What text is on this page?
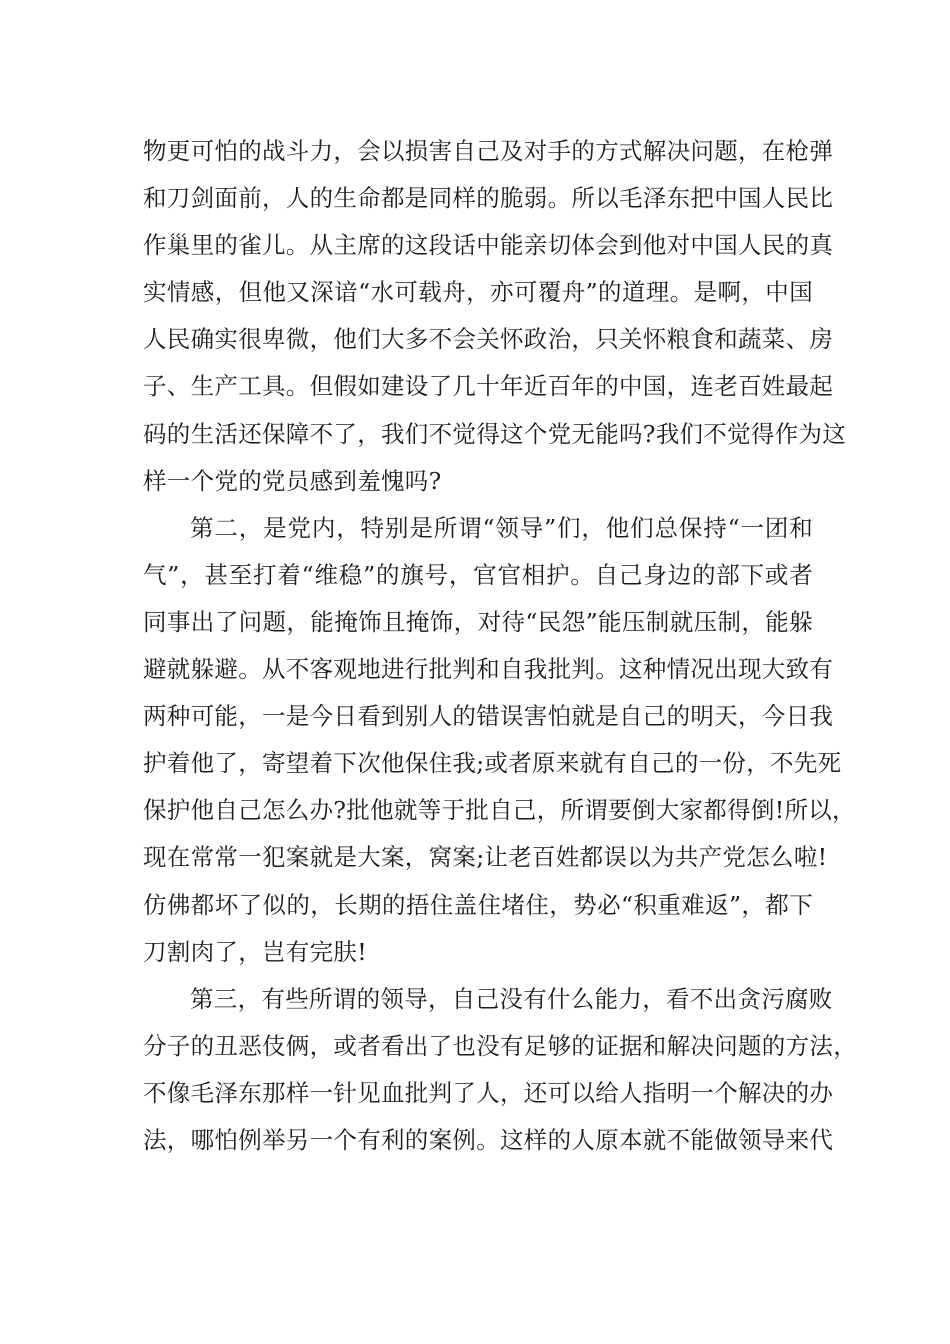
物更可怕的战斗力，会以损害自己及对手的方式解决问题，在枪弹
和刀剑面前，人的生命都是同样的脆弱。所以毛泽东把中国人民比
作巢里的雀儿。从主席的这段话中能亲切体会到他对中国人民的真
实情感，但他又深谙“水可载舟，亦可覆舟”的道理。是啊，中国
人民确实很卑微，他们大多不会关怀政治，只关怀粮食和蔬菜、房
子、生产工具。但假如建设了几十年近百年的中国，连老百姓最起
码的生活还保障不了，我们不觉得这个党无能吗?我们不觉得作为这
样一个党的党员感到羞愧吗?
第二，是党内，特别是所谓“领导”们，他们总保持“一团和
气”，甚至打着“维稳”的旗号，官官相护。自己身边的部下或者
同事出了问题，能掩饰且掩饰，对待“民怨”能压制就压制，能躲
避就躲避。从不客观地进行批判和自我批判。这种情况出现大致有
两种可能，一是今日看到别人的错误害怕就是自己的明天，今日我
护着他了，寄望着下次他保住我;或者原来就有自己的一份，不先死
保护他自己怎么办?批他就等于批自己，所谓要倒大家都得倒!所以，
现在常常一犯案就是大案，窝案;让老百姓都误以为共产党怎么啦!
仿佛都坏了似的，长期的捂住盖住堵住，势必“积重难返”，都下
刀割肉了，岂有完肤!
第三，有些所谓的领导，自己没有什么能力，看不出贪污腐败
分子的丑恶伎俩，或者看出了也没有足够的证据和解决问题的方法，
不像毛泽东那样一针见血批判了人，还可以给人指明一个解决的办
法，哪怕例举另一个有利的案例。这样的人原本就不能做领导来代
